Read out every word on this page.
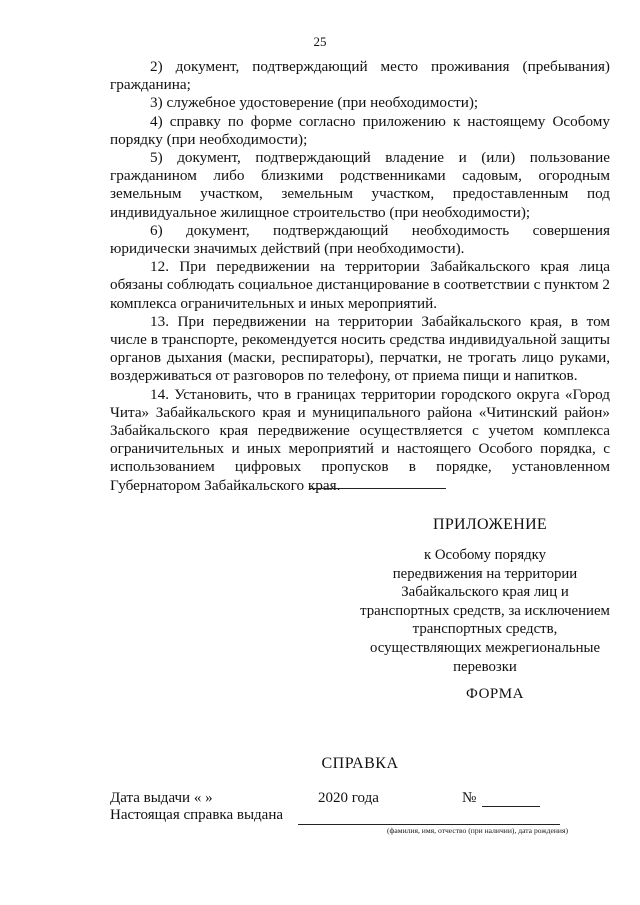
25

2) документ, подтверждающий место проживания (пребывания) гражданина;

3) служебное удостоверение (при необходимости);

4) справку по форме согласно приложению к настоящему Особому порядку (при необходимости);

5) документ, подтверждающий владение и (или) пользование гражданином либо близкими родственниками садовым, огородным земельным участком, земельным участком, предоставленным под индивидуальное жилищное строительство (при необходимости);

6) документ, подтверждающий необходимость совершения юридически значимых действий (при необходимости).

12. При передвижении на территории Забайкальского края лица обязаны соблюдать социальное дистанцирование в соответствии с пунктом 2 комплекса ограничительных и иных мероприятий.

13. При передвижении на территории Забайкальского края, в том числе в транспорте, рекомендуется носить средства индивидуальной защиты органов дыхания (маски, респираторы), перчатки, не трогать лицо руками, воздерживаться от разговоров по телефону, от приема пищи и напитков.

14. Установить, что в границах территории городского округа «Город Чита» Забайкальского края и муниципального района «Читинский район» Забайкальского края передвижение осуществляется с учетом комплекса ограничительных и иных мероприятий и настоящего Особого порядка, с использованием цифровых пропусков в порядке, установленном Губернатором Забайкальского края.

ПРИЛОЖЕНИЕ
к Особому порядку
передвижения на территории
Забайкальского края лиц и
транспортных средств, за исключением
транспортных средств,
осуществляющих межрегиональные
перевозки
ФОРМА
СПРАВКА
Дата выдачи « »	2020 года	№
Настоящая справка выдана
(фамилия, имя, отчество (при наличии), дата рождения)
